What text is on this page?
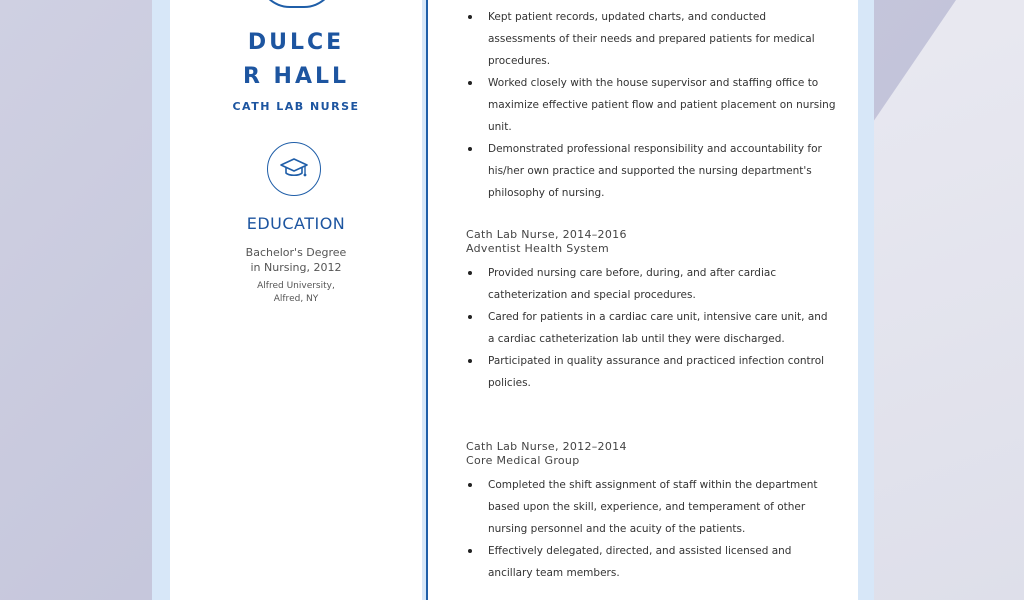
DULCE
R HALL
CATH LAB NURSE
EDUCATION
Bachelor's Degree
in Nursing, 2012
Alfred University,
Alfred, NY
Kept patient records, updated charts, and conducted assessments of their needs and prepared patients for medical procedures.
Worked closely with the house supervisor and staffing office to maximize effective patient flow and patient placement on nursing unit.
Demonstrated professional responsibility and accountability for his/her own practice and supported the nursing department's philosophy of nursing.
Cath Lab Nurse, 2014–2016
Adventist Health System
Provided nursing care before, during, and after cardiac catheterization and special procedures.
Cared for patients in a cardiac care unit, intensive care unit, and a cardiac catheterization lab until they were discharged.
Participated in quality assurance and practiced infection control policies.
Cath Lab Nurse, 2012–2014
Core Medical Group
Completed the shift assignment of staff within the department based upon the skill, experience, and temperament of other nursing personnel and the acuity of the patients.
Effectively delegated, directed, and assisted licensed and ancillary team members.
